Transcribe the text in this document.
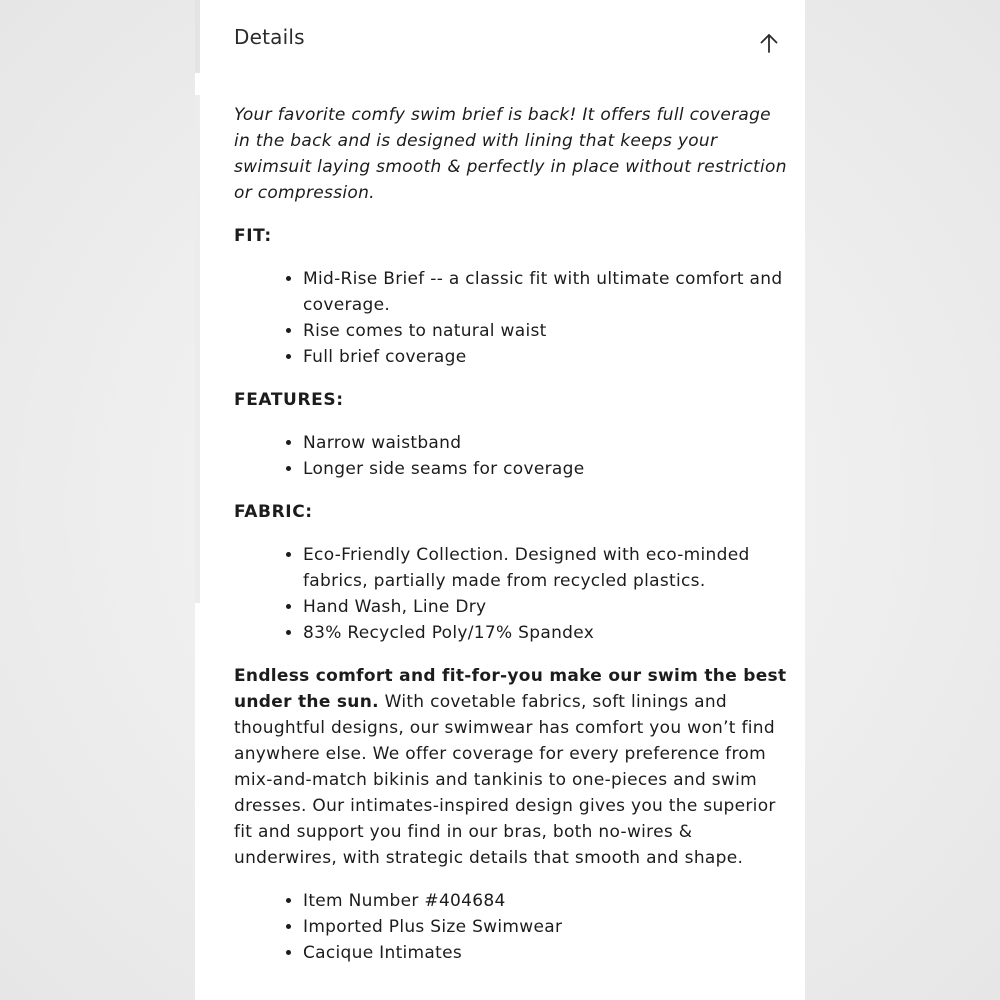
Details

Your favorite comfy swim brief is back! It offers full coverage in the back and is designed with lining that keeps your swimsuit laying smooth & perfectly in place without restriction or compression.

FIT:

• Mid-Rise Brief -- a classic fit with ultimate comfort and coverage.
• Rise comes to natural waist
• Full brief coverage

FEATURES:

• Narrow waistband
• Longer side seams for coverage

FABRIC:

• Eco-Friendly Collection. Designed with eco-minded fabrics, partially made from recycled plastics.
• Hand Wash, Line Dry
• 83% Recycled Poly/17% Spandex

Endless comfort and fit-for-you make our swim the best under the sun. With covetable fabrics, soft linings and thoughtful designs, our swimwear has comfort you won’t find anywhere else. We offer coverage for every preference from mix-and-match bikinis and tankinis to one-pieces and swim dresses. Our intimates-inspired design gives you the superior fit and support you find in our bras, both no-wires & underwires, with strategic details that smooth and shape.

• Item Number #404684
• Imported Plus Size Swimwear
• Cacique Intimates
